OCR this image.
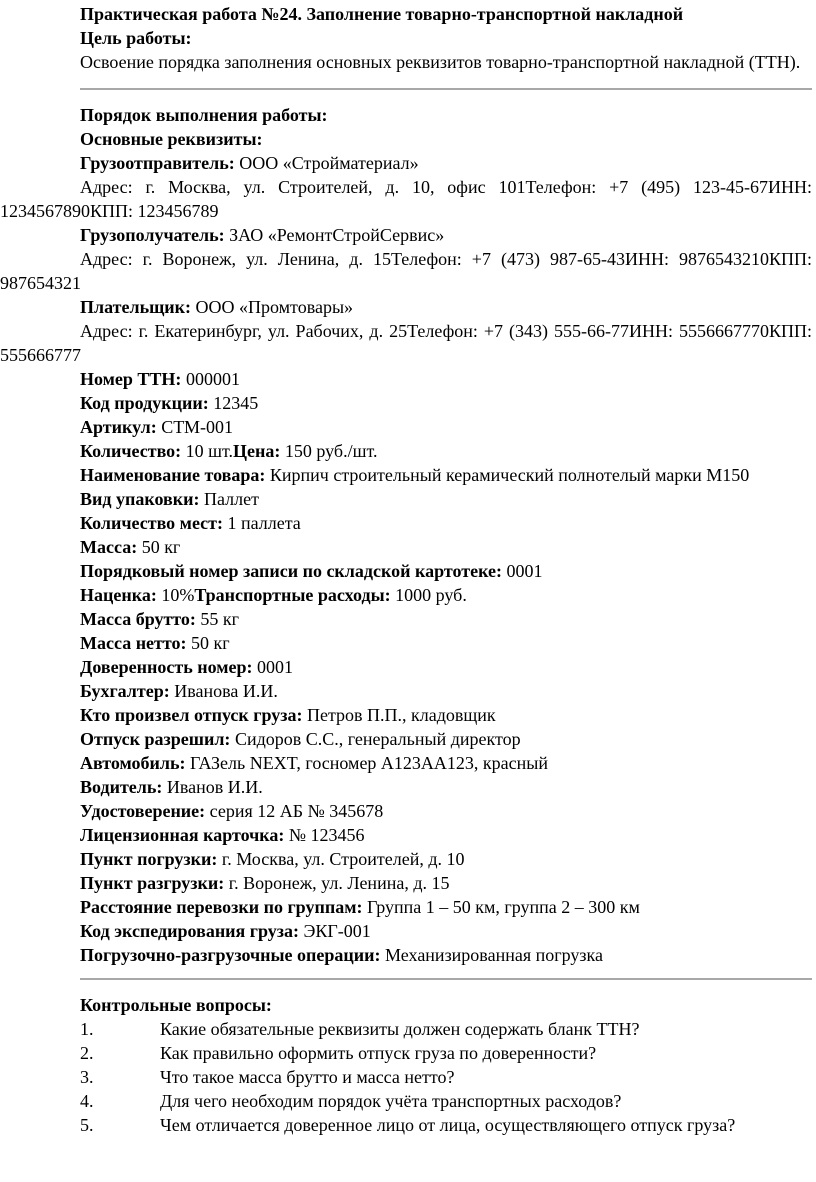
Практическая работа №24. Заполнение товарно-транспортной накладной
Цель работы:
Освоение порядка заполнения основных реквизитов товарно-транспортной накладной (ТТН).
Порядок выполнения работы:
Основные реквизиты:
Грузоотправитель: ООО «Стройматериал»
Адрес: г. Москва, ул. Строителей, д. 10, офис 101Телефон: +7 (495) 123-45-67ИНН: 1234567890КПП: 123456789
Грузополучатель: ЗАО «РемонтСтройСервис»
Адрес: г. Воронеж, ул. Ленина, д. 15Телефон: +7 (473) 987-65-43ИНН: 9876543210КПП: 987654321
Плательщик: ООО «Промтовары»
Адрес: г. Екатеринбург, ул. Рабочих, д. 25Телефон: +7 (343) 555-66-77ИНН: 5556667770КПП: 555666777
Номер ТТН: 000001
Код продукции: 12345
Артикул: СТМ-001
Количество: 10 шт.Цена: 150 руб./шт.
Наименование товара: Кирпич строительный керамический полнотелый марки М150
Вид упаковки: Паллет
Количество мест: 1 паллета
Масса: 50 кг
Порядковый номер записи по складской картотеке: 0001
Наценка: 10%Транспортные расходы: 1000 руб.
Масса брутто: 55 кг
Масса нетто: 50 кг
Доверенность номер: 0001
Бухгалтер: Иванова И.И.
Кто произвел отпуск груза: Петров П.П., кладовщик
Отпуск разрешил: Сидоров С.С., генеральный директор
Автомобиль: ГАЗель NEXT, госномер А123АА123, красный
Водитель: Иванов И.И.
Удостоверение: серия 12 АБ № 345678
Лицензионная карточка: № 123456
Пункт погрузки: г. Москва, ул. Строителей, д. 10
Пункт разгрузки: г. Воронеж, ул. Ленина, д. 15
Расстояние перевозки по группам: Группа 1 – 50 км, группа 2 – 300 км
Код экспедирования груза: ЭКГ-001
Погрузочно-разгрузочные операции: Механизированная погрузка
Контрольные вопросы:
1.	Какие обязательные реквизиты должен содержать бланк ТТН?
2.	Как правильно оформить отпуск груза по доверенности?
3.	Что такое масса брутто и масса нетто?
4.	Для чего необходим порядок учёта транспортных расходов?
5.	Чем отличается доверенное лицо от лица, осуществляющего отпуск груза?
